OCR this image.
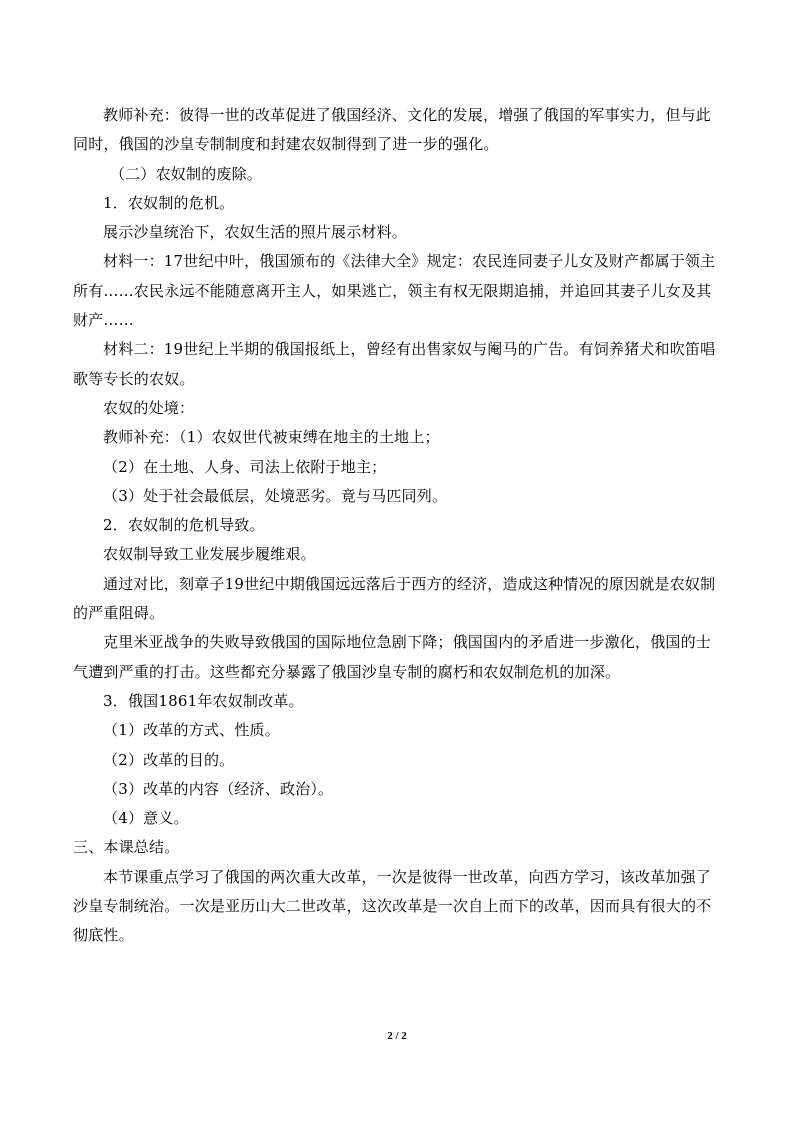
教师补充：彼得一世的改革促进了俄国经济、文化的发展，增强了俄国的军事实力，但与此同时，俄国的沙皇专制制度和封建农奴制得到了进一步的强化。

（二）农奴制的废除。

1．农奴制的危机。

展示沙皇统治下，农奴生活的照片展示材料。

材料一：17世纪中叶，俄国颁布的《法律大全》规定：农民连同妻子儿女及财产都属于领主所有……农民永远不能随意离开主人，如果逃亡，领主有权无限期追捕，并追回其妻子儿女及其财产……

材料二：19世纪上半期的俄国报纸上，曾经有出售家奴与阉马的广告。有饲养猪犬和吹笛唱歌等专长的农奴。

农奴的处境：

教师补充：（1）农奴世代被束缚在地主的土地上；

（2）在土地、人身、司法上依附于地主；

（3）处于社会最低层，处境恶劣。竟与马匹同列。

2．农奴制的危机导致。

农奴制导致工业发展步履维艰。

通过对比，刻章子19世纪中期俄国远远落后于西方的经济，造成这种情况的原因就是农奴制的严重阻碍。

克里米亚战争的失败导致俄国的国际地位急剧下降；俄国国内的矛盾进一步激化，俄国的士气遭到严重的打击。这些都充分暴露了俄国沙皇专制的腐朽和农奴制危机的加深。

3．俄国1861年农奴制改革。

（1）改革的方式、性质。

（2）改革的目的。

（3）改革的内容（经济、政治）。

（4）意义。

三、本课总结。

本节课重点学习了俄国的两次重大改革，一次是彼得一世改革，向西方学习，该改革加强了沙皇专制统治。一次是亚历山大二世改革，这次改革是一次自上而下的改革，因而具有很大的不彻底性。

2 / 2
